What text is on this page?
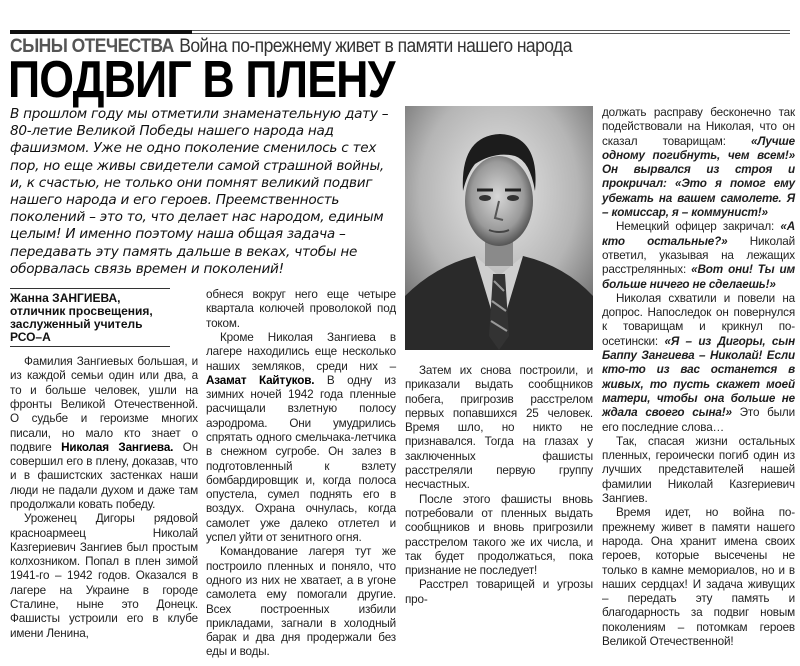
СЫНЫ ОТЕЧЕСТВА Война по-прежнему живет в памяти нашего народа
ПОДВИГ В ПЛЕНУ
В прошлом году мы отметили знаменательную дату – 80-летие Великой Победы нашего народа над фашизмом. Уже не одно поколение сменилось с тех пор, но еще живы свидетели самой страшной войны, и, к счастью, не только они помнят великий подвиг нашего народа и его героев. Преемственность поколений – это то, что делает нас народом, единым целым! И именно поэтому наша общая задача – передавать эту память дальше в веках, чтобы не оборвалась связь времен и поколений!
Жанна ЗАНГИЕВА,
отличник просвещения,
заслуженный учитель РСО–А

Фамилия Зангиевых большая, и из каждой семьи один или два, а то и больше человек, ушли на фронты Великой Отечественной. О судьбе и героизме многих писали, но мало кто знает о подвиге Николая Зангиева. Он совершил его в плену, доказав, что и в фашистских застенках наши люди не падали духом и даже там продолжали ковать победу.

Уроженец Дигоры рядовой красноармеец Николай Казгериевич Зангиев был простым колхозником. Попал в плен зимой 1941-го – 1942 годов. Оказался в лагере на Украине в городе Сталине, ныне это Донецк. Фашисты устроили его в клубе имени Ленина,

обнеся вокруг него еще четыре квартала колючей проволокой под током.

Кроме Николая Зангиева в лагере находились еще несколько наших земляков, среди них – Азамат Кайтуков. В одну из зимних ночей 1942 года пленные расчищали взлетную полосу аэродрома. Они умудрились спрятать одного смельчака-летчика в снежном сугробе. Он залез в подготовленный к взлету бомбардировщик и, когда полоса опустела, сумел поднять его в воздух. Охрана очнулась, когда самолет уже далеко отлетел и успел уйти от зенитного огня.

Командование лагеря тут же построило пленных и поняло, что одного из них не хватает, а в угоне самолета ему помогали другие. Всех построенных избили прикладами, загнали в холодный барак и два дня продержали без еды и воды.

Затем их снова построили, и приказали выдать сообщников побега, пригрозив расстрелом первых попавшихся 25 человек. Время шло, но никто не признавался. Тогда на глазах у заключенных фашисты расстреляли первую группу несчастных.

После этого фашисты вновь потребовали от пленных выдать сообщников и вновь пригрозили расстрелом такого же их числа, и так будет продолжаться, пока признание не последует!

Расстрел товарищей и угрозы про-

должать расправу бесконечно так подействовали на Николая, что он сказал товарищам: «Лучше одному погибнуть, чем всем!» Он вырвался из строя и прокричал: «Это я помог ему убежать на вашем самолете. Я – комиссар, я – коммунист!»

Немецкий офицер закричал: «А кто остальные?» Николай ответил, указывая на лежащих расстрелянных: «Вот они! Ты им больше ничего не сделаешь!»

Николая схватили и повели на допрос. Напоследок он повернулся к товарищам и крикнул по-осетински: «Я – из Дигоры, сын Баппу Зангиева – Николай! Если кто-то из вас останется в живых, то пусть скажет моей матери, чтобы она больше не ждала своего сына!» Это были его последние слова…

Так, спасая жизни остальных пленных, героически погиб один из лучших представителей нашей фамилии Николай Казгериевич Зангиев.

Время идет, но война по-прежнему живет в памяти нашего народа. Она хранит имена своих героев, которые высечены не только в камне мемориалов, но и в наших сердцах! И задача живущих – передать эту память и благодарность за подвиг новым поколениям – потомкам героев Великой Отечественной!
